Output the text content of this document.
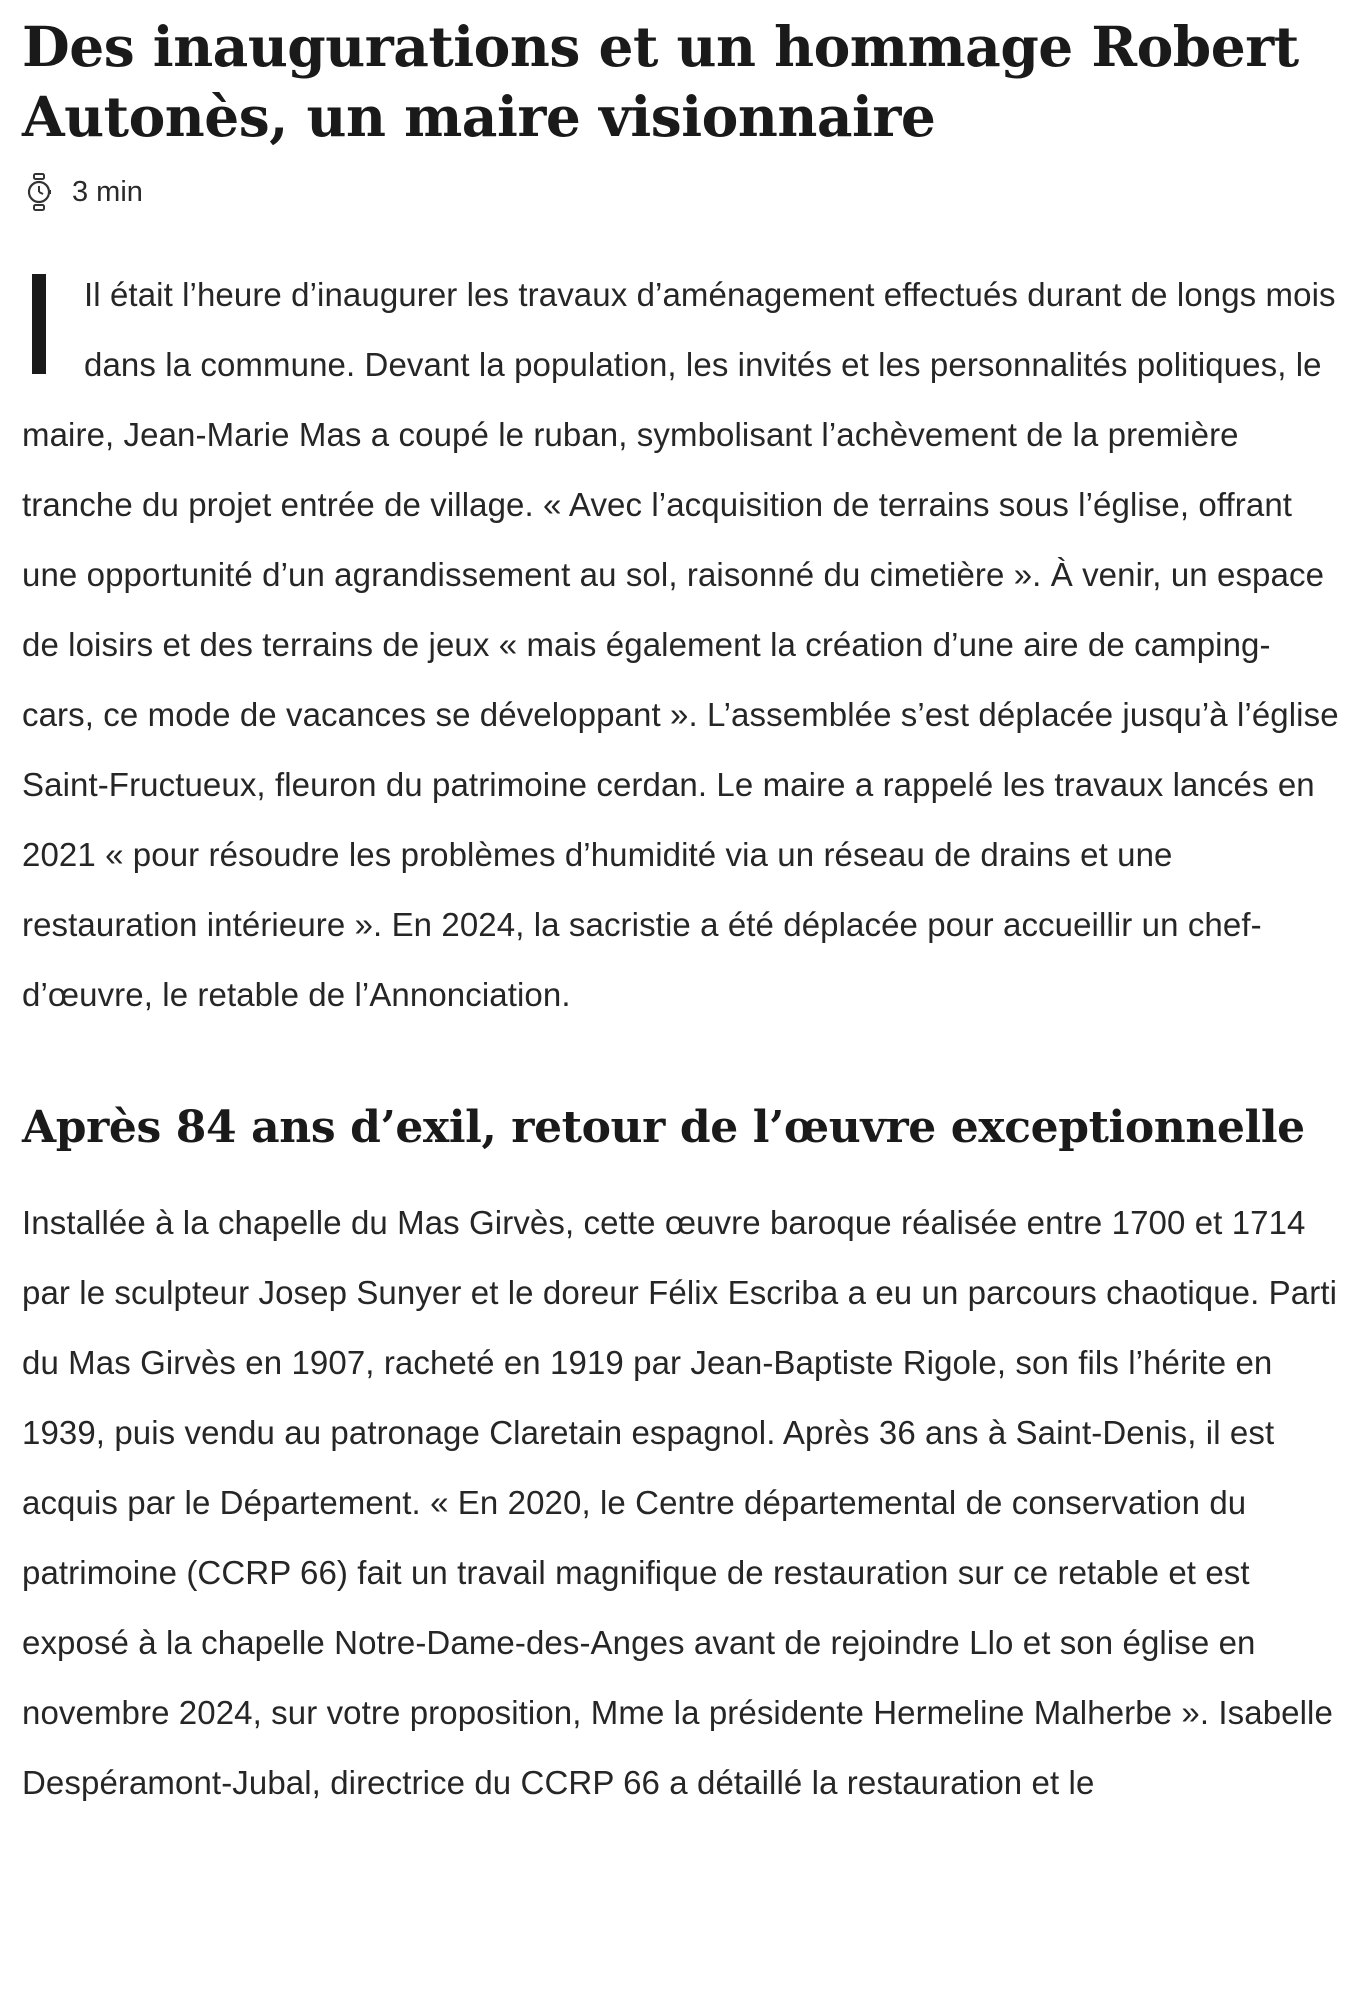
Des inaugurations et un hommage Robert Autonès, un maire visionnaire
3 min

Il était l’heure d’inaugurer les travaux d’aménagement effectués durant de longs mois dans la commune. Devant la population, les invités et les personnalités politiques, le maire, Jean-Marie Mas a coupé le ruban, symbolisant l’achèvement de la première tranche du projet entrée de village. « Avec l’acquisition de terrains sous l’église, offrant une opportunité d’un agrandissement au sol, raisonné du cimetière ». À venir, un espace de loisirs et des terrains de jeux « mais également la création d’une aire de camping-cars, ce mode de vacances se développant ». L’assemblée s’est déplacée jusqu’à l’église Saint-Fructueux, fleuron du patrimoine cerdan. Le maire a rappelé les travaux lancés en 2021 « pour résoudre les problèmes d’humidité via un réseau de drains et une restauration intérieure ». En 2024, la sacristie a été déplacée pour accueillir un chef-d’œuvre, le retable de l’Annonciation.

Après 84 ans d’exil, retour de l’œuvre exceptionnelle

Installée à la chapelle du Mas Girvès, cette œuvre baroque réalisée entre 1700 et 1714 par le sculpteur Josep Sunyer et le doreur Félix Escriba a eu un parcours chaotique. Parti du Mas Girvès en 1907, racheté en 1919 par Jean-Baptiste Rigole, son fils l’hérite en 1939, puis vendu au patronage Claretain espagnol. Après 36 ans à Saint-Denis, il est acquis par le Département. « En 2020, le Centre départemental de conservation du patrimoine (CCRP 66) fait un travail magnifique de restauration sur ce retable et est exposé à la chapelle Notre-Dame-des-Anges avant de rejoindre Llo et son église en novembre 2024, sur votre proposition, Mme la présidente Hermeline Malherbe ». Isabelle Despéramont-Jubal, directrice du CCRP 66 a détaillé la restauration et le
